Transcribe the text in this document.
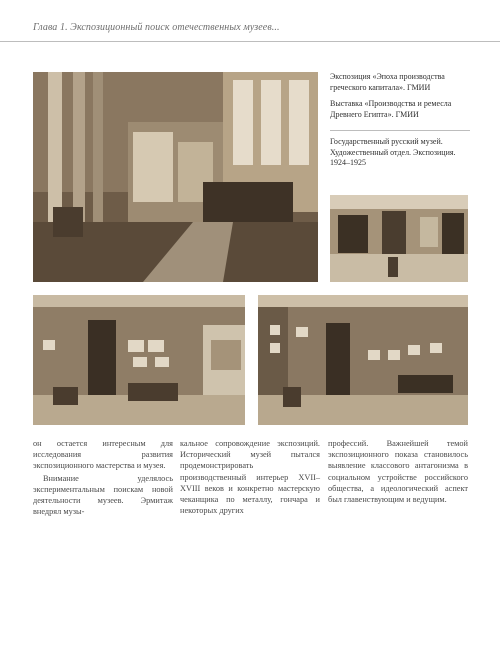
Глава 1. Экспозиционный поиск отечественных музеев...

Экспозиция «Эпоха производства греческого капитала». ГМИИ

Выставка «Производства и ремесла Древнего Египта». ГМИИ

Государственный русский музей. Художественный отдел. Экспозиция. 1924–1925

он остается интересным для исследования развития экспозиционного мастерства и музея.

Внимание уделялось экспериментальным поискам новой деятельности музеев. Эрмитаж внедрял музы-

кальное сопровождение экспозиций. Исторический музей пытался продемонстрировать производственный интерьер XVII–XVIII веков и конкретно мастерскую чеканщика по металлу, гончара и некоторых других

профессий. Важнейшей темой экспозиционного показа становилось выявление классового антагонизма в социальном устройстве российского общества, а идеологический аспект был главенствующим и ведущим.
